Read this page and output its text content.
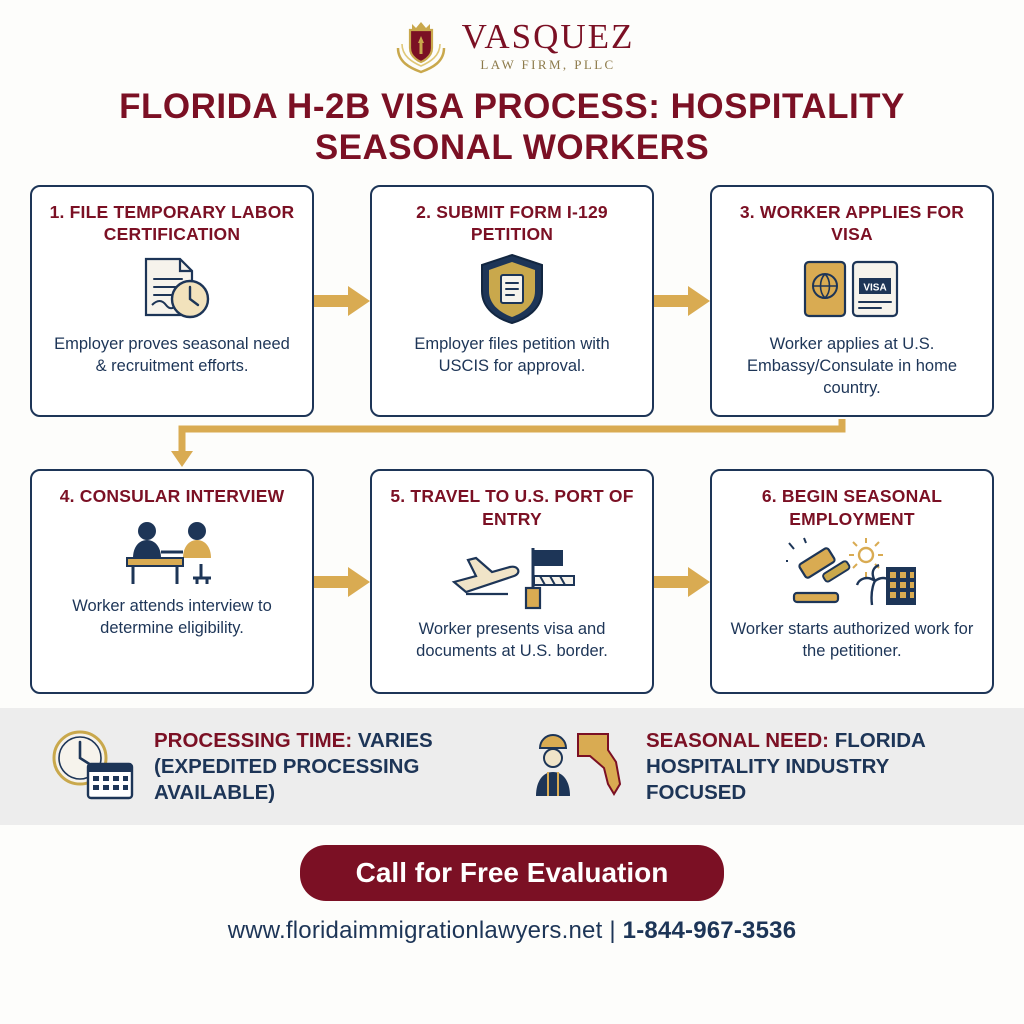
VASQUEZ
LAW FIRM, PLLC
FLORIDA H-2B VISA PROCESS: HOSPITALITY SEASONAL WORKERS
1. FILE TEMPORARY LABOR CERTIFICATION
Employer proves seasonal need & recruitment efforts.
2. SUBMIT FORM I-129 PETITION
Employer files petition with USCIS for approval.
3. WORKER APPLIES FOR VISA
VISA
Worker applies at U.S. Embassy/Consulate in home country.
4. CONSULAR INTERVIEW
Worker attends interview to determine eligibility.
5. TRAVEL TO U.S. PORT OF ENTRY
Worker presents visa and documents at U.S. border.
6. BEGIN SEASONAL EMPLOYMENT
Worker starts authorized work for the petitioner.
PROCESSING TIME: VARIES (EXPEDITED PROCESSING AVAILABLE)
SEASONAL NEED: FLORIDA HOSPITALITY INDUSTRY FOCUSED
Call for Free Evaluation
www.floridaimmigrationlawyers.net | 1-844-967-3536
